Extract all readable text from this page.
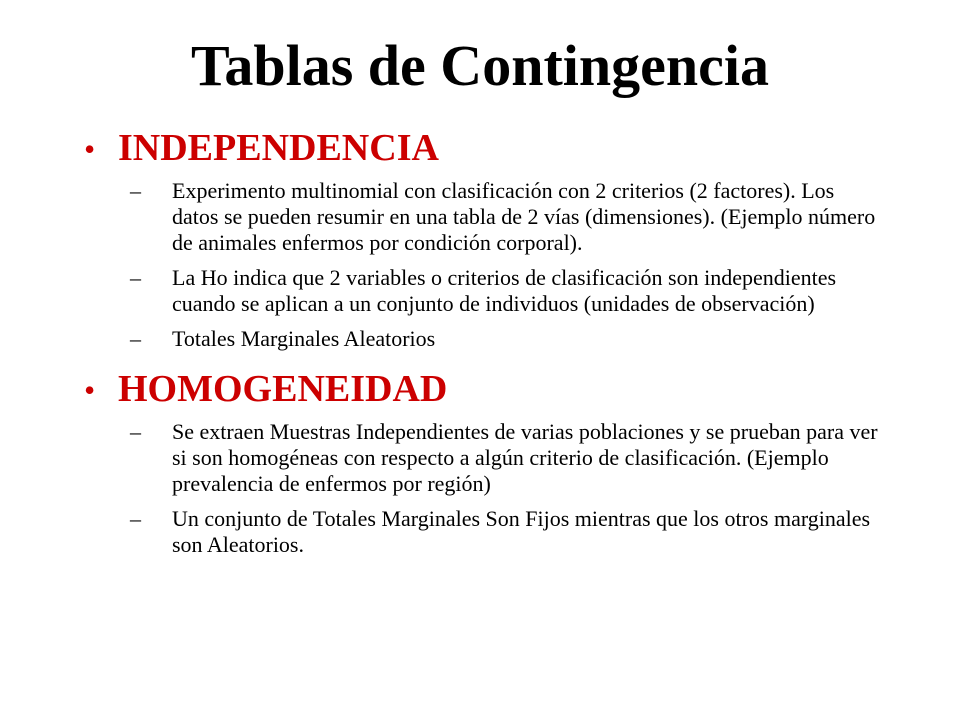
Tablas de Contingencia
• INDEPENDENCIA
–	Experimento multinomial con clasificación con 2 criterios (2 factores). Los datos se pueden resumir en una tabla de 2 vías (dimensiones). (Ejemplo número de animales enfermos por condición corporal).
–	La Ho indica que 2 variables o criterios de clasificación son independientes cuando se aplican a un conjunto de individuos (unidades de observación)
–	Totales Marginales Aleatorios
• HOMOGENEIDAD
–	Se extraen Muestras Independientes de varias poblaciones y se prueban para ver si son homogéneas con respecto a algún criterio de clasificación. (Ejemplo prevalencia de enfermos por región)
–	Un conjunto de Totales Marginales Son Fijos mientras que los otros marginales son Aleatorios.
